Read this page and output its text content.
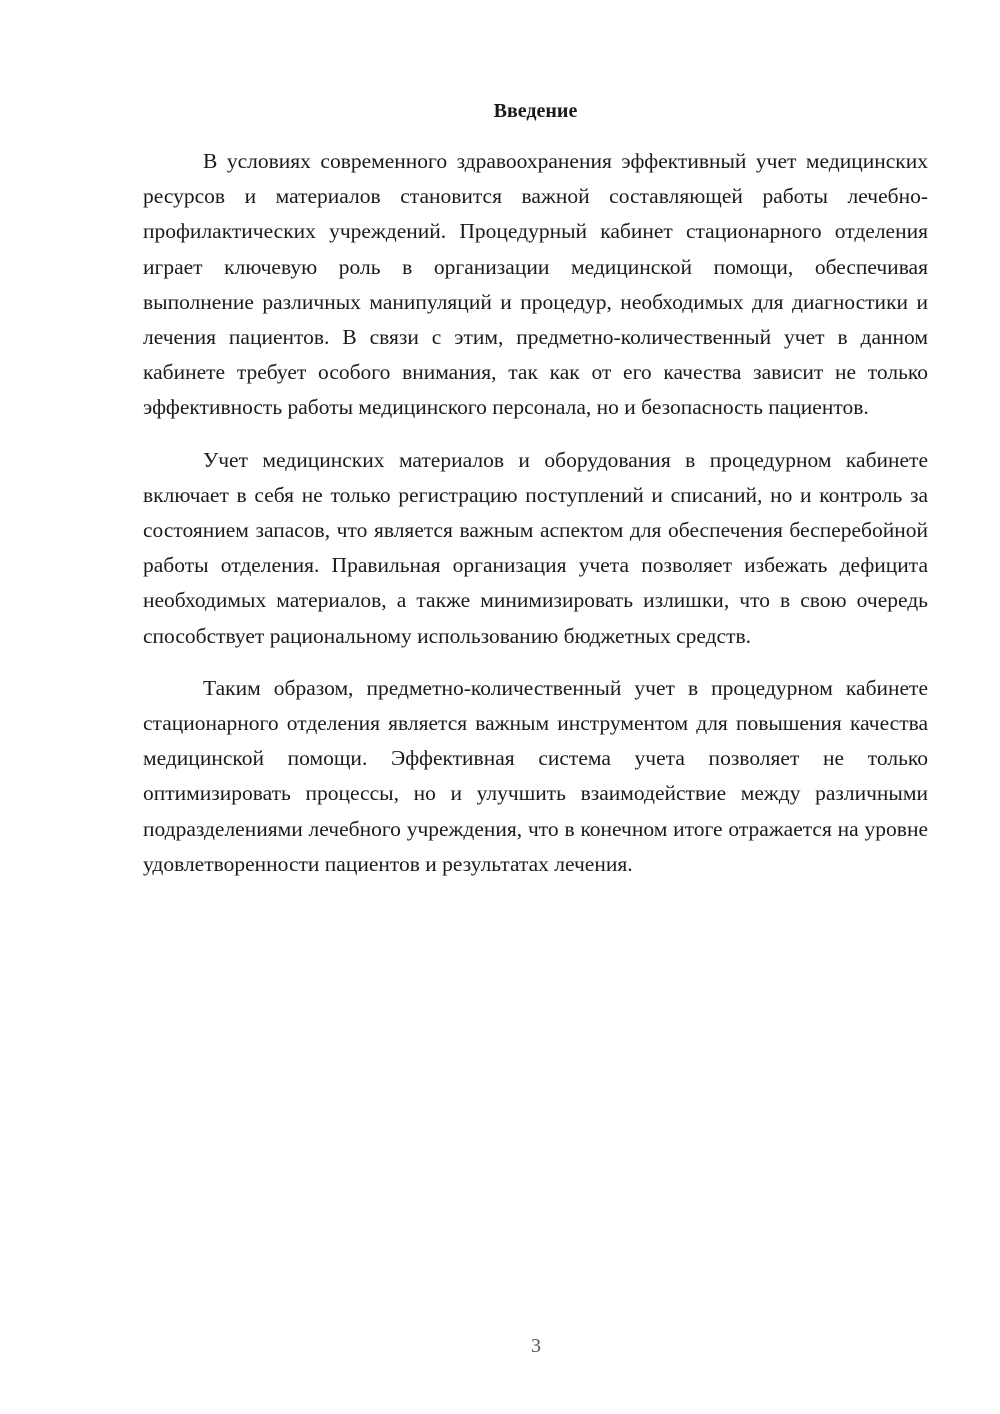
Введение

В условиях современного здравоохранения эффективный учет медицинских ресурсов и материалов становится важной составляющей работы лечебно-профилактических учреждений. Процедурный кабинет стационарного отделения играет ключевую роль в организации медицинской помощи, обеспечивая выполнение различных манипуляций и процедур, необходимых для диагностики и лечения пациентов. В связи с этим, предметно-количественный учет в данном кабинете требует особого внимания, так как от его качества зависит не только эффективность работы медицинского персонала, но и безопасность пациентов.

Учет медицинских материалов и оборудования в процедурном кабинете включает в себя не только регистрацию поступлений и списаний, но и контроль за состоянием запасов, что является важным аспектом для обеспечения бесперебойной работы отделения. Правильная организация учета позволяет избежать дефицита необходимых материалов, а также минимизировать излишки, что в свою очередь способствует рациональному использованию бюджетных средств.

Таким образом, предметно-количественный учет в процедурном кабинете стационарного отделения является важным инструментом для повышения качества медицинской помощи. Эффективная система учета позволяет не только оптимизировать процессы, но и улучшить взаимодействие между различными подразделениями лечебного учреждения, что в конечном итоге отражается на уровне удовлетворенности пациентов и результатах лечения.

3
